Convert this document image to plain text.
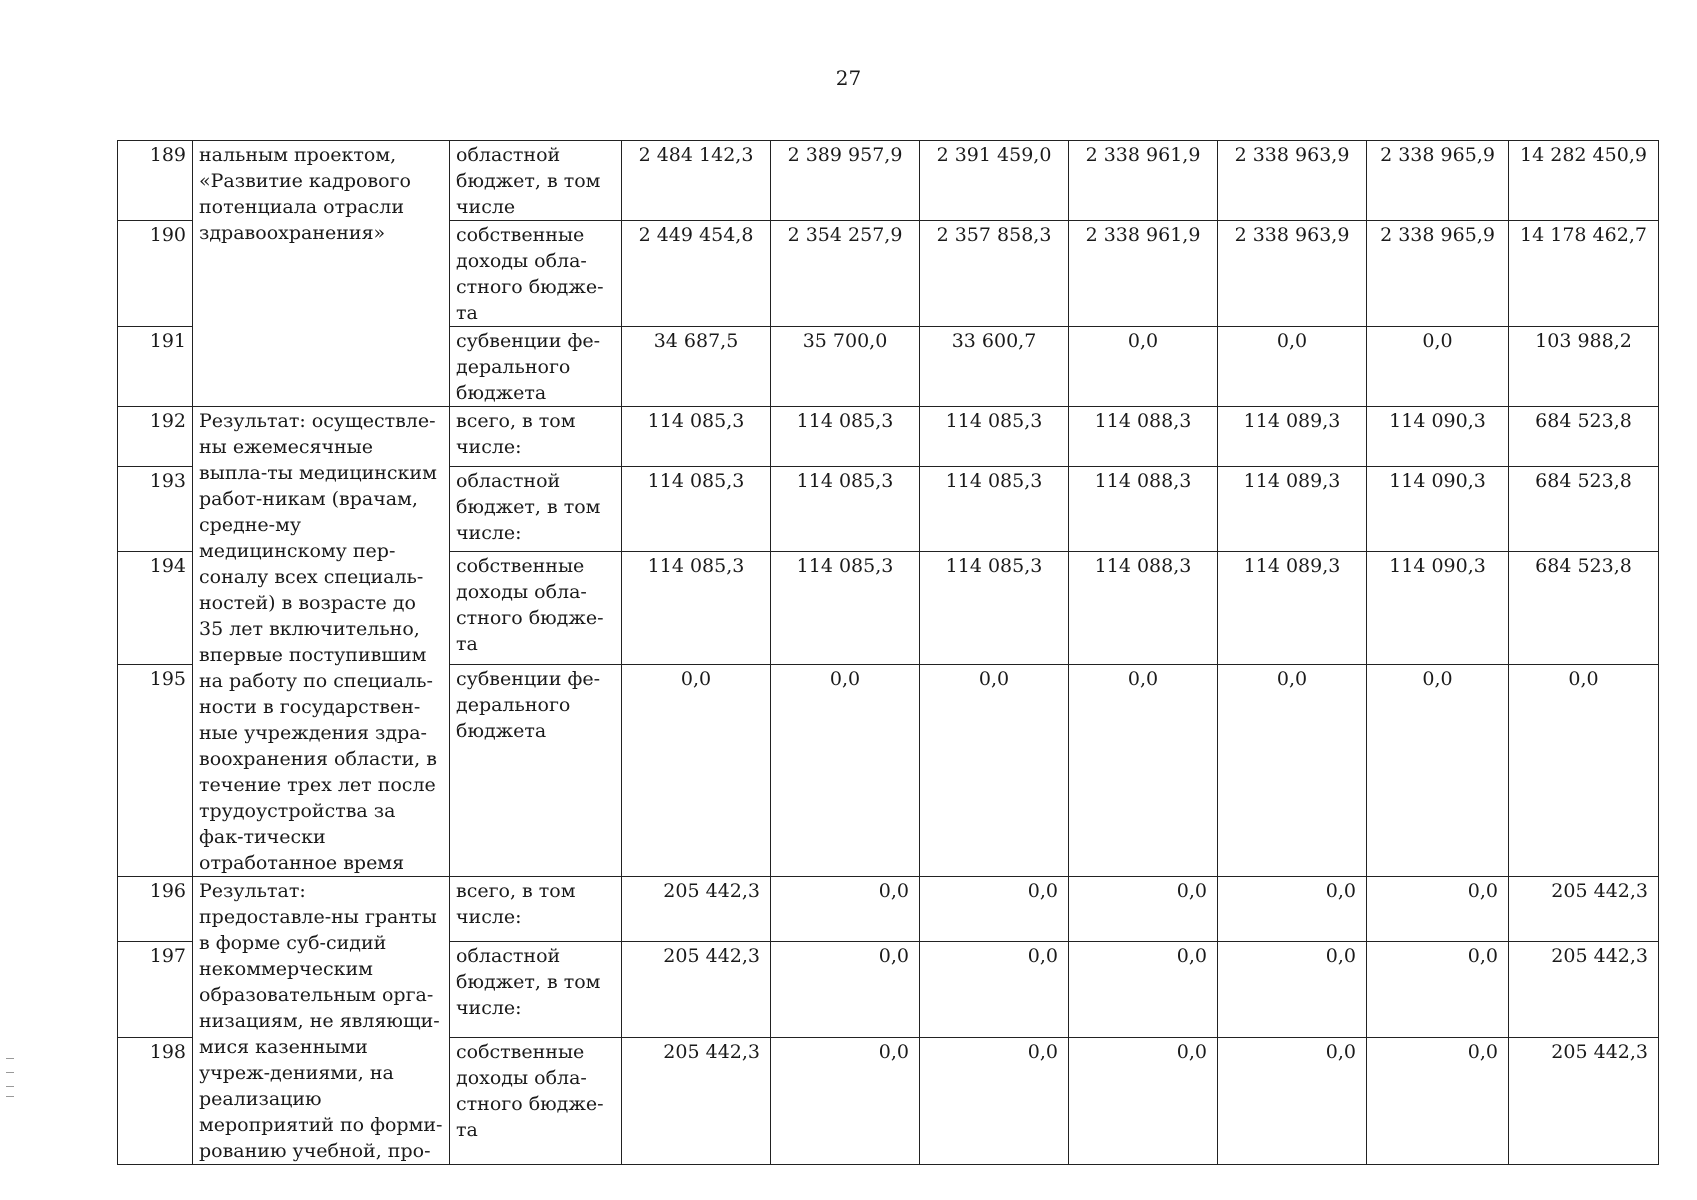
27
189	нальным проектом, «Развитие кадрового потенциала отрасли здравоохранения»	областной бюджет, в том числе	2 484 142,3	2 389 957,9	2 391 459,0	2 338 961,9	2 338 963,9	2 338 965,9	14 282 450,9
190		собственные доходы обла-стного бюдже-та	2 449 454,8	2 354 257,9	2 357 858,3	2 338 961,9	2 338 963,9	2 338 965,9	14 178 462,7
191		субвенции фе-дерального бюджета	34 687,5	35 700,0	33 600,7	0,0	0,0	0,0	103 988,2
192	Результат: осуществле-ны ежемесячные выпла-ты медицинским работ-никам (врачам, средне-му медицинскому пер-соналу всех специаль-ностей) в возрасте до 35 лет включительно, впервые поступившим на работу по специаль-ности в государствен-ные учреждения здра-воохранения области, в течение трех лет после трудоустройства за фак-тически отработанное время	всего, в том числе:	114 085,3	114 085,3	114 085,3	114 088,3	114 089,3	114 090,3	684 523,8
193		областной бюджет, в том числе:	114 085,3	114 085,3	114 085,3	114 088,3	114 089,3	114 090,3	684 523,8
194		собственные доходы обла-стного бюдже-та	114 085,3	114 085,3	114 085,3	114 088,3	114 089,3	114 090,3	684 523,8
195		субвенции фе-дерального бюджета	0,0	0,0	0,0	0,0	0,0	0,0	0,0
196	Результат: предоставле-ны гранты в форме суб-сидий некоммерческим образовательным орга-низациям, не являющи-мися казенными учреж-дениями, на реализацию мероприятий по форми-рованию учебной, про-	всего, в том числе:	205 442,3	0,0	0,0	0,0	0,0	0,0	205 442,3
197		областной бюджет, в том числе:	205 442,3	0,0	0,0	0,0	0,0	0,0	205 442,3
198		собственные доходы обла-стного бюдже-та	205 442,3	0,0	0,0	0,0	0,0	0,0	205 442,3
